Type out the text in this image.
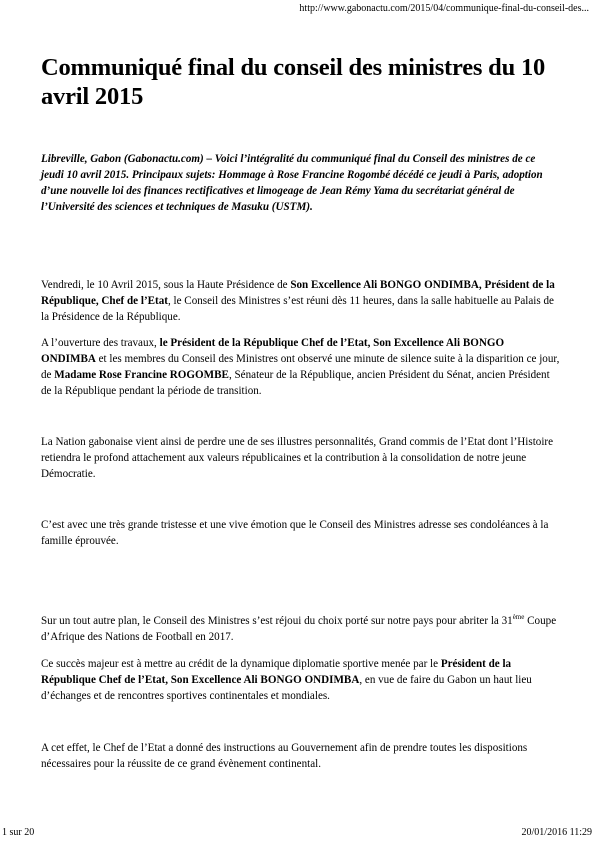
http://www.gabonactu.com/2015/04/communique-final-du-conseil-des...
Communiqué final du conseil des ministres du 10 avril 2015

Libreville, Gabon (Gabonactu.com) – Voici l’intégralité du communiqué final du Conseil des ministres de ce jeudi 10 avril 2015. Principaux sujets: Hommage à Rose Francine Rogombé décédé ce jeudi à Paris, adoption d’une nouvelle loi des finances rectificatives et limogeage de Jean Rémy Yama du secrétariat général de l’Université des sciences et techniques de Masuku (USTM).

Vendredi, le 10 Avril 2015, sous la Haute Présidence de Son Excellence Ali BONGO ONDIMBA, Président de la République, Chef de l’Etat, le Conseil des Ministres s’est réuni dès 11 heures, dans la salle habituelle au Palais de la Présidence de la République.

A l’ouverture des travaux, le Président de la République Chef de l’Etat, Son Excellence Ali BONGO ONDIMBA et les membres du Conseil des Ministres ont observé une minute de silence suite à la disparition ce jour, de Madame Rose Francine ROGOMBE, Sénateur de la République, ancien Président du Sénat, ancien Président de la République pendant la période de transition.

La Nation gabonaise vient ainsi de perdre une de ses illustres personnalités, Grand commis de l’Etat dont l’Histoire retiendra le profond attachement aux valeurs républicaines et la contribution à la consolidation de notre jeune Démocratie.

C’est avec une très grande tristesse et une vive émotion que le Conseil des Ministres adresse ses condoléances à la famille éprouvée.

Sur un tout autre plan, le Conseil des Ministres s’est réjoui du choix porté sur notre pays pour abriter la 31ème Coupe d’Afrique des Nations de Football en 2017.

Ce succès majeur est à mettre au crédit de la dynamique diplomatie sportive menée par le Président de la République Chef de l’Etat, Son Excellence Ali BONGO ONDIMBA, en vue de faire du Gabon un haut lieu d’échanges et de rencontres sportives continentales et mondiales.

A cet effet, le Chef de l’Etat a donné des instructions au Gouvernement afin de prendre toutes les dispositions nécessaires pour la réussite de ce grand évènement continental.

1 sur 20	20/01/2016 11:29
